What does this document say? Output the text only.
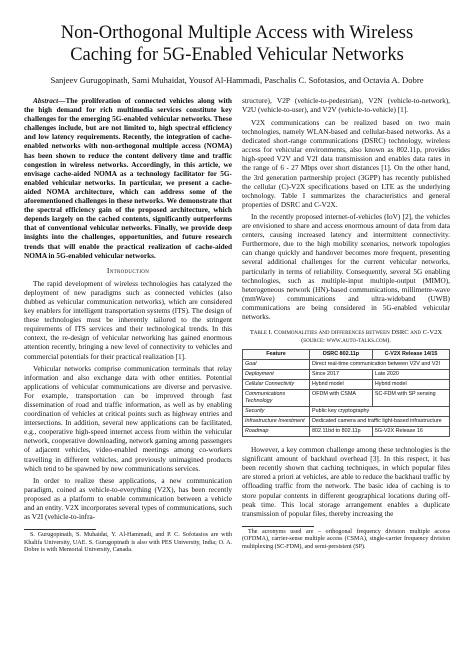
Non-Orthogonal Multiple Access with Wireless
Caching for 5G-Enabled Vehicular Networks
Sanjeev Gurugopinath, Sami Muhaidat, Yousof Al-Hammadi, Paschalis C. Sofotasios, and Octavia A. Dobre

Abstract—The proliferation of connected vehicles along with the high demand for rich multimedia services constitute key challenges for the emerging 5G-enabled vehicular networks. These challenges include, but are not limited to, high spectral efficiency and low latency requirements. Recently, the integration of cache-enabled networks with non-orthogonal multiple access (NOMA) has been shown to reduce the content delivery time and traffic congestion in wireless networks. Accordingly, in this article, we envisage cache-aided NOMA as a technology facilitator for 5G-enabled vehicular networks. In particular, we present a cache-aided NOMA architecture, which can address some of the aforementioned challenges in these networks. We demonstrate that the spectral efficiency gain of the proposed architecture, which depends largely on the cached contents, significantly outperforms that of conventional vehicular networks. Finally, we provide deep insights into the challenges, opportunities, and future research trends that will enable the practical realization of cache-aided NOMA in 5G-enabled vehicular networks.

Introduction

The rapid development of wireless technologies has catalyzed the deployment of new paradigms such as connected vehicles (also dubbed as vehicular communication networks), which are considered key enablers for intelligent transportation systems (ITS). The design of these technologies must be inherently tailored to the stringent requirements of ITS services and their technological trends. In this context, the re-design of vehicular networking has gained enormous attention recently, bringing a new level of connectivity to vehicles and commercial potentials for their practical realization [1].

Vehicular networks comprise communication terminals that relay information and also exchange data with other entities. Potential applications of vehicular communications are diverse and pervasive. For example, transportation can be improved through fast dissemination of road and traffic information, as well as by enabling coordination of vehicles at critical points such as highway entries and intersections. In addition, several new applications can be facilitated, e.g., cooperative high-speed internet access from within the vehicular network, cooperative downloading, network gaming among passengers of adjacent vehicles, video-enabled meetings among co-workers travelling in different vehicles, and previously unimagined products which tend to be spawned by new communications services.

In order to realize these applications, a new communication paradigm, coined as vehicle-to-everything (V2X), has been recently proposed as a platform to enable communication between a vehicle and an entity. V2X incorporates several types of communications, such as V2I (vehicle-to-infra-

S. Gurugopinath, S. Muhaidat, Y. Al-Hammadi, and P. C. Sofotasios are with Khalifa University, UAE. S. Gurugopinath is also with PES University, India; O. A. Dobre is with Memorial University, Canada.

structure), V2P (vehicle-to-pedestrian), V2N (vehicle-to-network), V2U (vehicle-to-user), and V2V (vehicle-to-vehicle) [1].

V2X communications can be realized based on two main technologies, namely WLAN-based and cellular-based networks. As a dedicated short-range communications (DSRC) technology, wireless access for vehicular environments, also known as 802.11p, provides high-speed V2V and V2I data transmission and enables data rates in the range of 6 - 27 Mbps over short distances [1]. On the other hand, the 3rd generation partnership project (3GPP) has recently published the cellular (C)-V2X specifications based on LTE as the underlying technology. Table I summarizes the characteristics and general properties of DSRC and C-V2X.

In the recently proposed internet-of-vehicles (IoV) [2], the vehicles are envisioned to share and access enormous amount of data from data centers, causing increased latency and intermittent connectivity. Furthermore, due to the high mobility scenarios, network topologies can change quickly and handover becomes more frequent, presenting several additional challenges for the current vehicular networks, particularly in terms of reliability. Consequently, several 5G enabling technologies, such as multiple-input multiple-output (MIMO), heterogeneous network (HN)-based communications, millimetre-wave (mmWave) communications and ultra-wideband (UWB) communications are being considered in 5G-enabled vehicular networks.

Table I. Commonalities and differences between DSRC and C-V2X (source: www.auto-talks.com).
Feature	DSRC 802.11p	C-V2X Release 14/15
Goal	Direct real-time communication between V2V and V2I	
Deployment	Since 2017	Late 2020
Cellular Connectivity	Hybrid model	Hybrid model
Communications Technology	OFDM with CSMA	SC-FDM with SP sensing
Security	Public key cryptography	
Infrastructure Investment	Dedicated camera and traffic light-based infrastructure	
Roadmap	802.11bd to 802.11p	5G-V2X Release 16

However, a key common challenge among these technologies is the significant amount of backhaul overhead [3]. In this respect, it has been recently shown that caching techniques, in which popular files are stored a priori at vehicles, are able to reduce the backhaul traffic by offloading traffic from the network. The basic idea of caching is to store popular contents in different geographical locations during off-peak time. This local storage arrangement enables a duplicate transmission of popular files, thereby increasing the

The acronyms used are – orthogonal frequency division multiple access (OFDMA), carrier-sense multiple access (CSMA), single-carrier frequency division multiplexing (SC-FDM), and semi-persistent (SP).
